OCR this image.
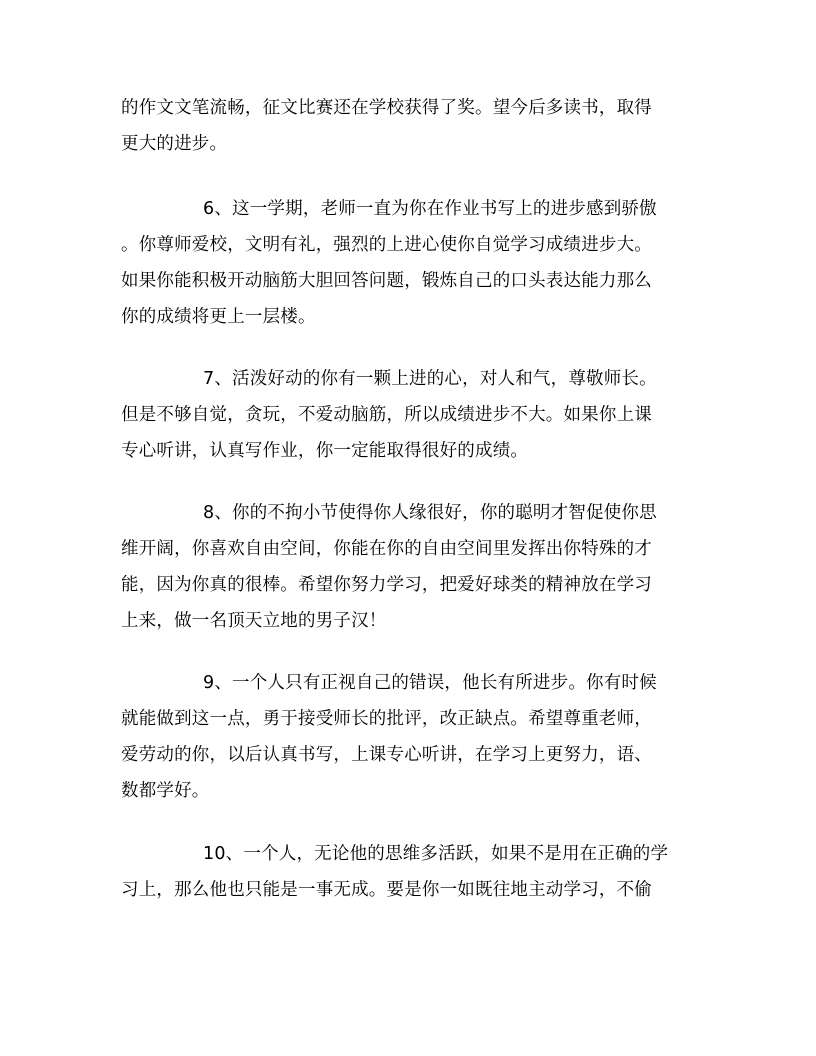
的作文文笔流畅，征文比赛还在学校获得了奖。望今后多读书，取得
更大的进步。
6、这一学期，老师一直为你在作业书写上的进步感到骄傲
。你尊师爱校，文明有礼，强烈的上进心使你自觉学习成绩进步大。
如果你能积极开动脑筋大胆回答问题，锻炼自己的口头表达能力那么
你的成绩将更上一层楼。
7、活泼好动的你有一颗上进的心，对人和气，尊敬师长。
但是不够自觉，贪玩，不爱动脑筋，所以成绩进步不大。如果你上课
专心听讲，认真写作业，你一定能取得很好的成绩。
8、你的不拘小节使得你人缘很好，你的聪明才智促使你思
维开阔，你喜欢自由空间，你能在你的自由空间里发挥出你特殊的才
能，因为你真的很棒。希望你努力学习，把爱好球类的精神放在学习
上来，做一名顶天立地的男子汉！
9、一个人只有正视自己的错误，他长有所进步。你有时候
就能做到这一点，勇于接受师长的批评，改正缺点。希望尊重老师，
爱劳动的你，以后认真书写，上课专心听讲，在学习上更努力，语、
数都学好。
10、一个人，无论他的思维多活跃，如果不是用在正确的学
习上，那么他也只能是一事无成。要是你一如既往地主动学习，不偷
